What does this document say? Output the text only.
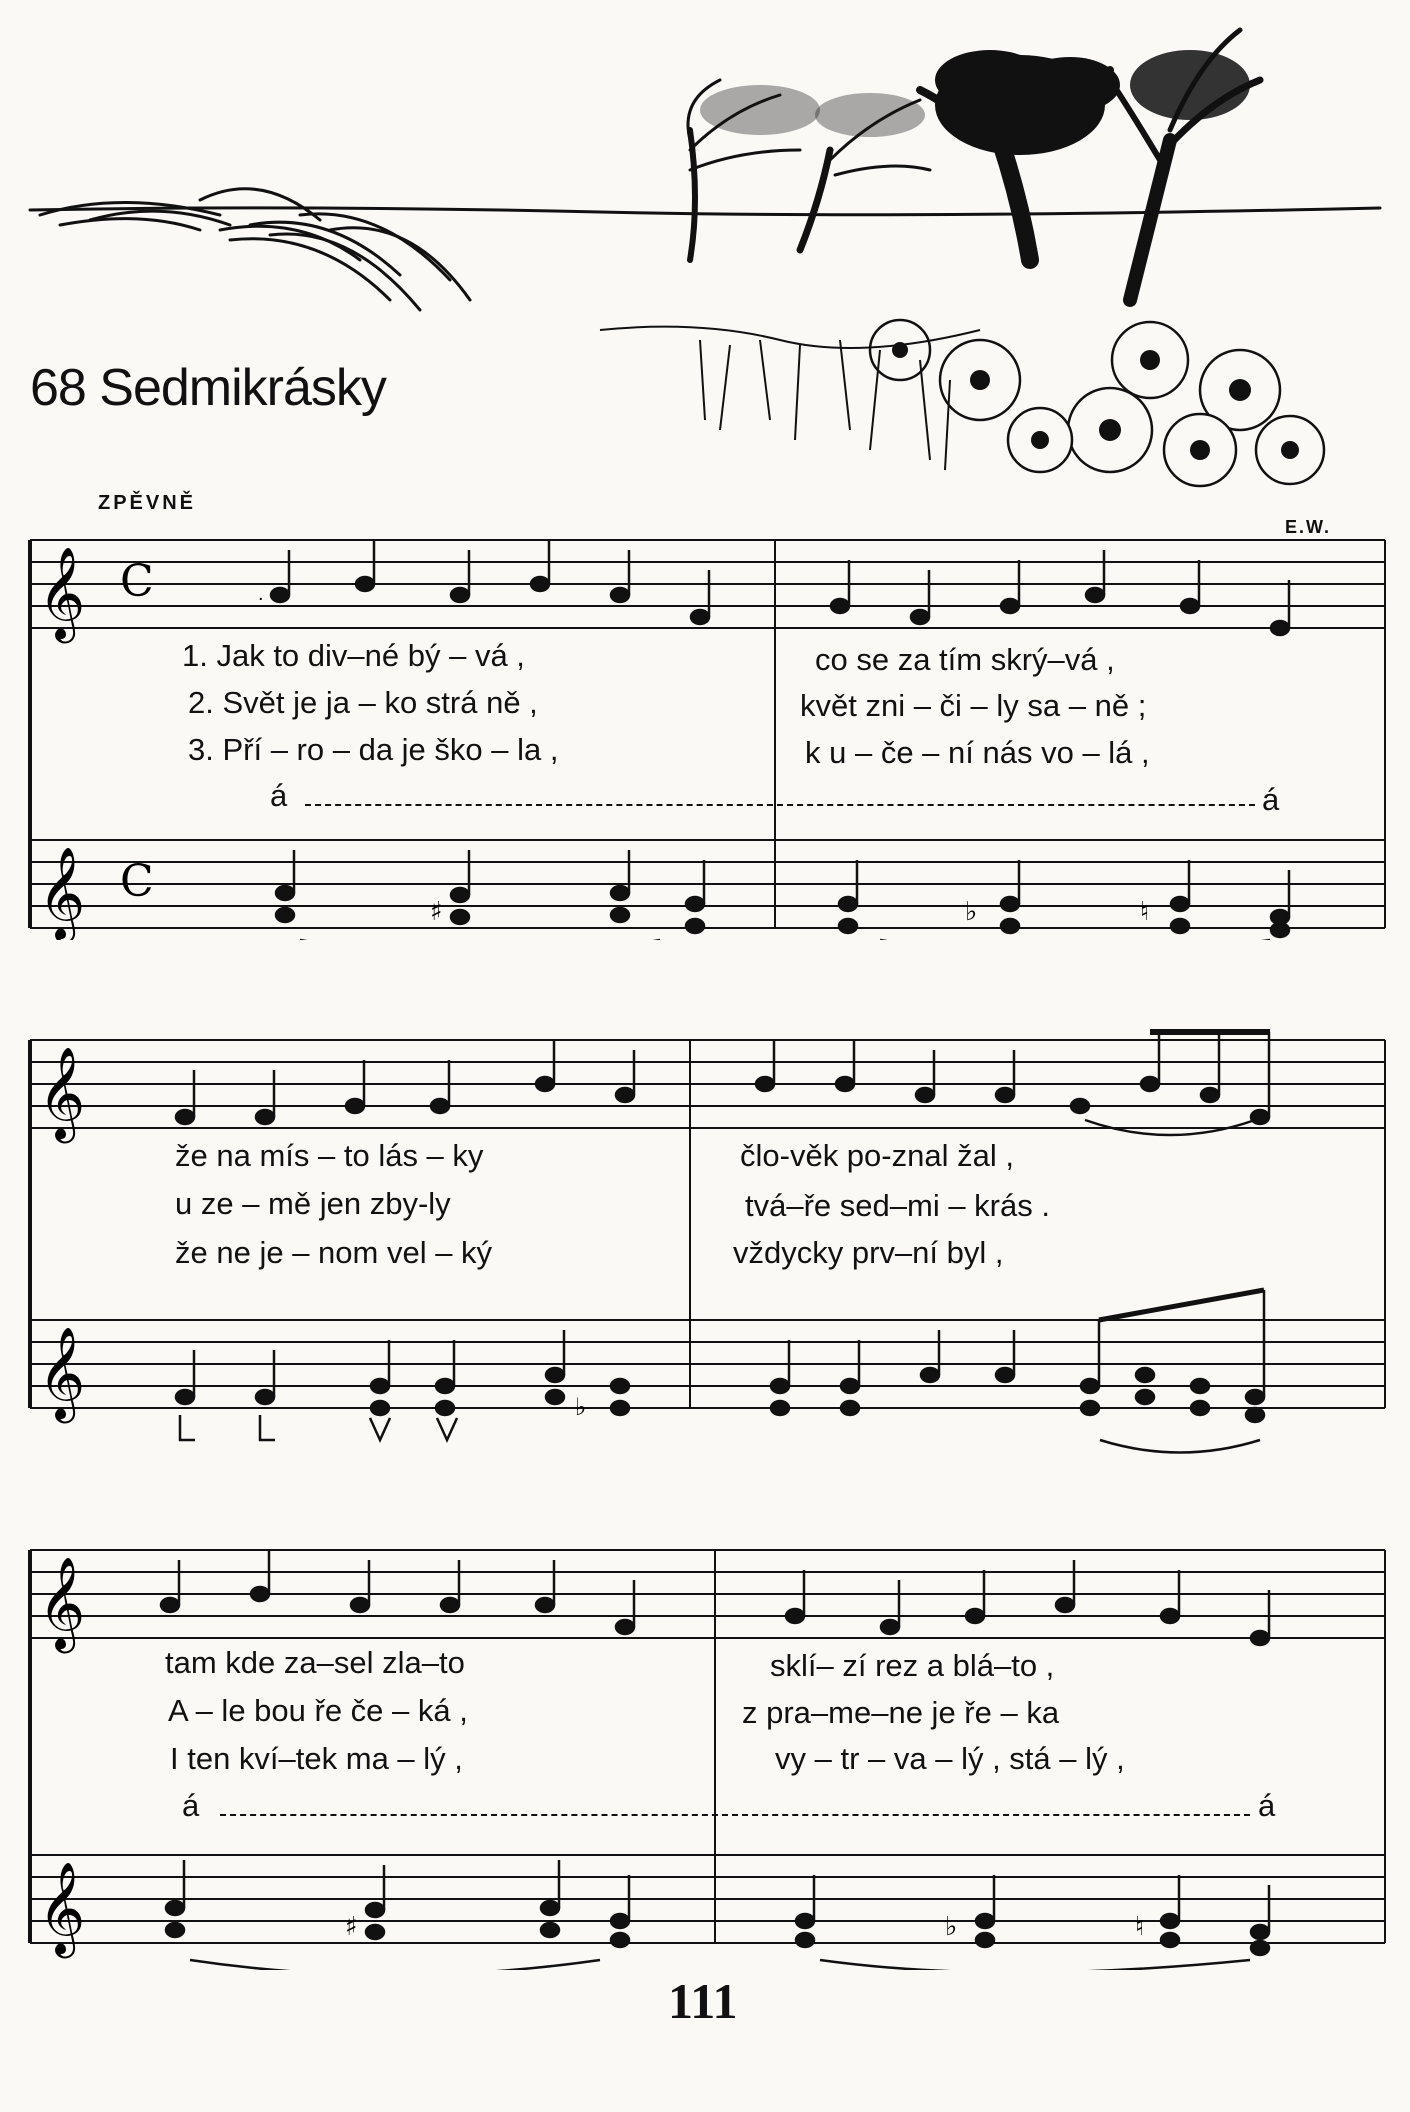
68 Sedmikrásky
ZPĚVNĚ
E.W.
𝄞
𝄞
C
C
♯	♭	♮
.
1. Jak to div–né bý – vá ,	co se za tím skrý–vá ,
2. Svět je ja – ko strá ně ,	květ zni – či – ly sa – ně ;
3. Pří – ro – da je ško – la ,	k u – če – ní nás vo – lá ,
á	á
𝄞
𝄞	♭
že na mís – to lás – ky	člo-věk po-znal žal ,
u ze – mě jen zby-ly	tvá–ře sed–mi – krás .
že ne je – nom vel – ký	vždycky prv–ní byl ,
𝄞
𝄞	♯	♭	♮
tam kde za–sel zla–to	sklí– zí rez a blá–to ,
A – le bou ře če – ká ,	z pra–me–ne je ře – ka
I ten kví–tek ma – lý ,	vy – tr – va – lý , stá – lý ,
á	á
111
